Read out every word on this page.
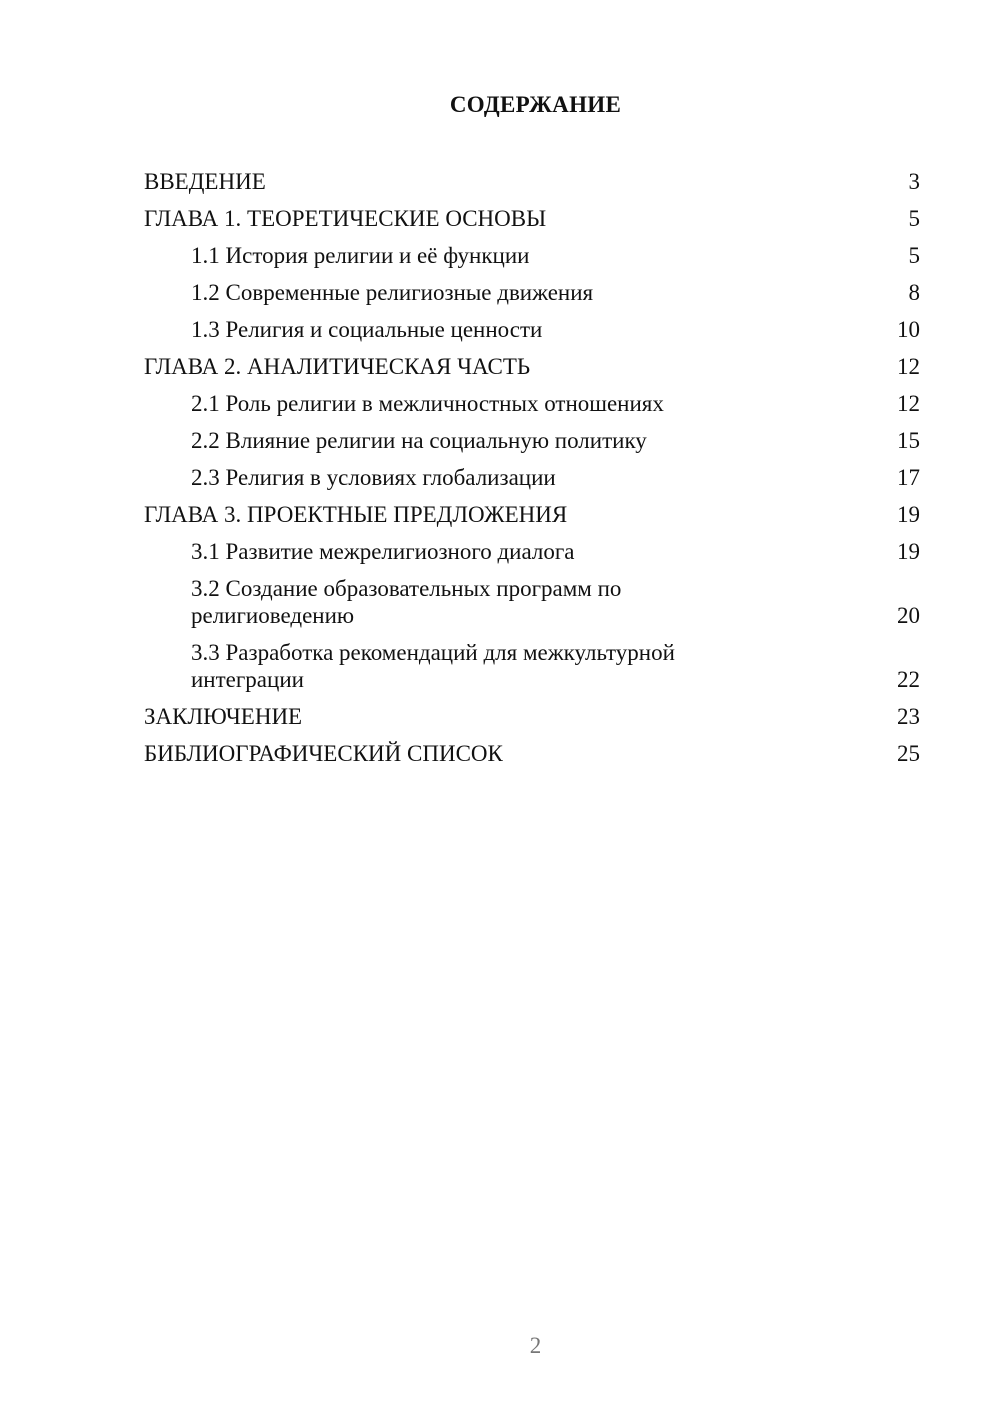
СОДЕРЖАНИЕ
ВВЕДЕНИЕ	3
ГЛАВА 1. ТЕОРЕТИЧЕСКИЕ ОСНОВЫ	5
1.1 История религии и её функции	5
1.2 Современные религиозные движения	8
1.3 Религия и социальные ценности	10
ГЛАВА 2. АНАЛИТИЧЕСКАЯ ЧАСТЬ	12
2.1 Роль религии в межличностных отношениях	12
2.2 Влияние религии на социальную политику	15
2.3 Религия в условиях глобализации	17
ГЛАВА 3. ПРОЕКТНЫЕ ПРЕДЛОЖЕНИЯ	19
3.1 Развитие межрелигиозного диалога	19
3.2 Создание образовательных программ по религиоведению	20
3.3 Разработка рекомендаций для межкультурной интеграции	22
ЗАКЛЮЧЕНИЕ	23
БИБЛИОГРАФИЧЕСКИЙ СПИСОК	25
2
